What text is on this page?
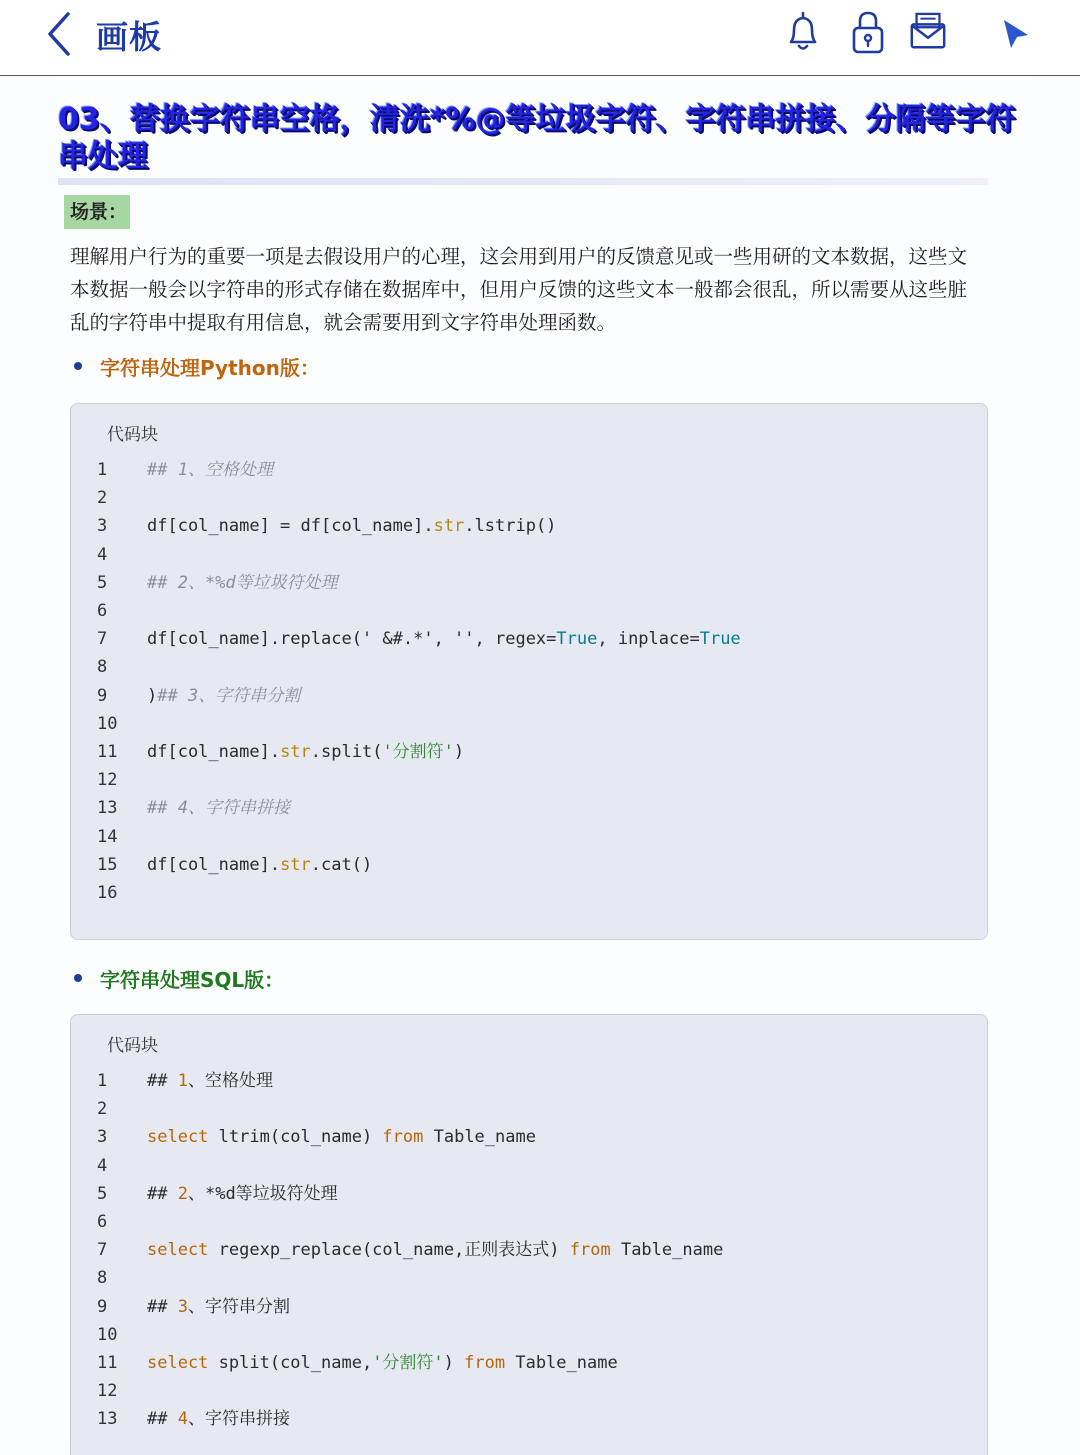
画板
03、替换字符串空格，清洗*%@等垃圾字符、字符串拼接、分隔等字符串处理
场景：
理解用户行为的重要一项是去假设用户的心理，这会用到用户的反馈意见或一些用研的文本数据，这些文本数据一般会以字符串的形式存储在数据库中，但用户反馈的这些文本一般都会很乱，所以需要从这些脏乱的字符串中提取有用信息，就会需要用到文字符串处理函数。
字符串处理Python版：
代码块
1	## 1、空格处理
2
3	df[col_name] = df[col_name].str.lstrip()
4
5	## 2、*%d等垃圾符处理
6
7	df[col_name].replace(' &#.*', '', regex=True, inplace=True
8
9	)## 3、字符串分割
10
11	df[col_name].str.split('分割符')
12
13	## 4、字符串拼接
14
15	df[col_name].str.cat()
16
字符串处理SQL版：
代码块
1	## 1、空格处理
2
3	select ltrim(col_name) from Table_name
4
5	## 2、*%d等垃圾符处理
6
7	select regexp_replace(col_name,正则表达式) from Table_name
8
9	## 3、字符串分割
10
11	select split(col_name,'分割符') from Table_name
12
13	## 4、字符串拼接
